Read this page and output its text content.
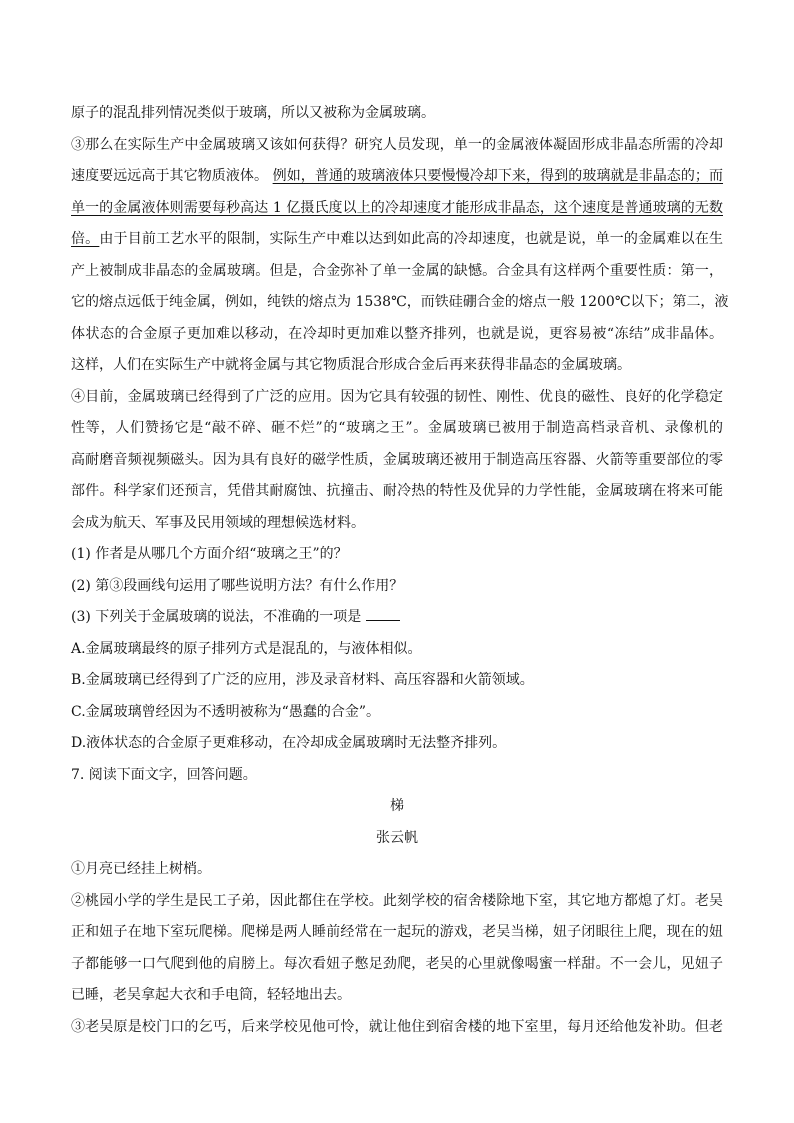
原子的混乱排列情况类似于玻璃，所以又被称为金属玻璃。
③那么在实际生产中金属玻璃又该如何获得？研究人员发现，单一的金属液体凝固形成非晶态所需的冷却
速度要远远高于其它物质液体。 例如，普通的玻璃液体只要慢慢冷却下来，得到的玻璃就是非晶态的；而
单一的金属液体则需要每秒高达 1 亿摄氏度以上的冷却速度才能形成非晶态，这个速度是普通玻璃的无数
倍。由于目前工艺水平的限制，实际生产中难以达到如此高的冷却速度，也就是说，单一的金属难以在生
产上被制成非晶态的金属玻璃。但是，合金弥补了单一金属的缺憾。合金具有这样两个重要性质：第一，
它的熔点远低于纯金属，例如，纯铁的熔点为 1538℃，而铁硅硼合金的熔点一般 1200℃以下；第二，液
体状态的合金原子更加难以移动，在冷却时更加难以整齐排列，也就是说，更容易被“冻结”成非晶体。
这样，人们在实际生产中就将金属与其它物质混合形成合金后再来获得非晶态的金属玻璃。
④目前，金属玻璃已经得到了广泛的应用。因为它具有较强的韧性、刚性、优良的磁性、良好的化学稳定
性等，人们赞扬它是“敲不碎、砸不烂”的“玻璃之王”。金属玻璃已被用于制造高档录音机、录像机的
高耐磨音频视频磁头。因为具有良好的磁学性质，金属玻璃还被用于制造高压容器、火箭等重要部位的零
部件。科学家们还预言，凭借其耐腐蚀、抗撞击、耐冷热的特性及优异的力学性能，金属玻璃在将来可能
会成为航天、军事及民用领域的理想候选材料。
(1) 作者是从哪几个方面介绍“玻璃之王”的？
(2) 第③段画线句运用了哪些说明方法？有什么作用？
(3) 下列关于金属玻璃的说法，不准确的一项是
A.金属玻璃最终的原子排列方式是混乱的，与液体相似。
B.金属玻璃已经得到了广泛的应用，涉及录音材料、高压容器和火箭领域。
C.金属玻璃曾经因为不透明被称为“愚蠢的合金”。
D.液体状态的合金原子更难移动，在冷却成金属玻璃时无法整齐排列。
7. 阅读下面文字，回答问题。
梯
张云帆
①月亮已经挂上树梢。
②桃园小学的学生是民工子弟，因此都住在学校。此刻学校的宿舍楼除地下室，其它地方都熄了灯。老吴
正和妞子在地下室玩爬梯。爬梯是两人睡前经常在一起玩的游戏，老吴当梯，妞子闭眼往上爬，现在的妞
子都能够一口气爬到他的肩膀上。每次看妞子憋足劲爬，老吴的心里就像喝蜜一样甜。不一会儿，见妞子
已睡，老吴拿起大衣和手电筒，轻轻地出去。
③老吴原是校门口的乞丐，后来学校见他可怜，就让他住到宿舍楼的地下室里，每月还给他发补助。但老
